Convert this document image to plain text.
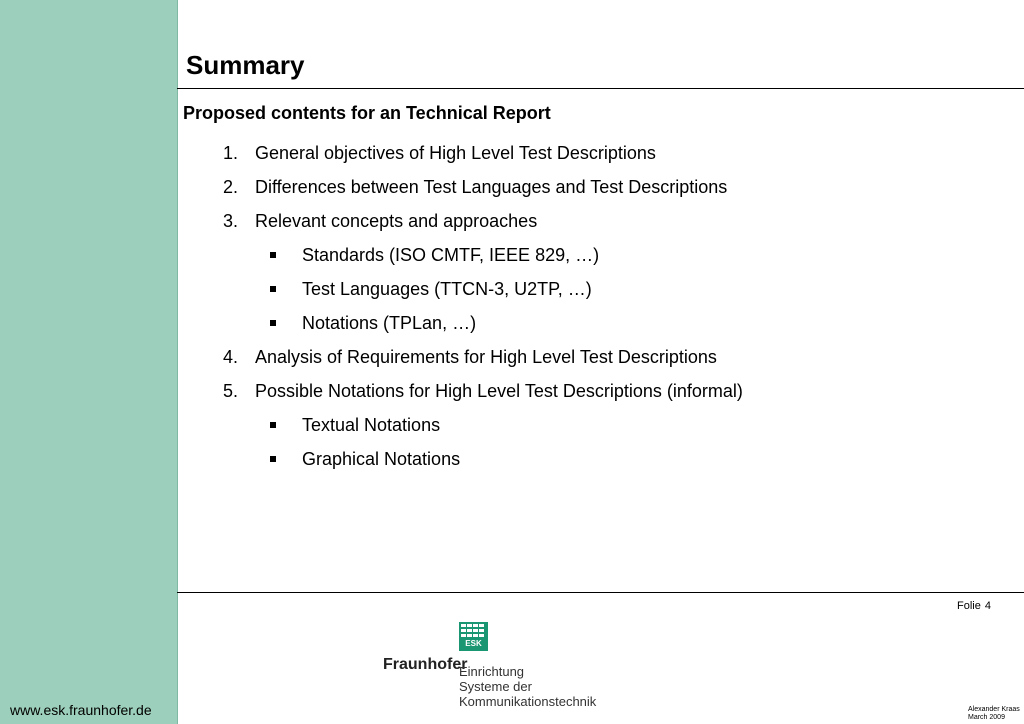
www.esk.fraunhofer.de
Summary
Proposed contents for an Technical Report
1. General objectives of High Level Test Descriptions
2. Differences between Test Languages and Test Descriptions
3. Relevant concepts and approaches
Standards (ISO CMTF, IEEE 829, …)
Test Languages (TTCN-3, U2TP, …)
Notations (TPLan, …)
4. Analysis of Requirements for High Level Test Descriptions
5. Possible Notations for High Level Test Descriptions (informal)
Textual Notations
Graphical Notations
Folie 4
ESK
Fraunhofer
Einrichtung
Systeme der
Kommunikationstechnik
Alexander Kraas
March 2009
